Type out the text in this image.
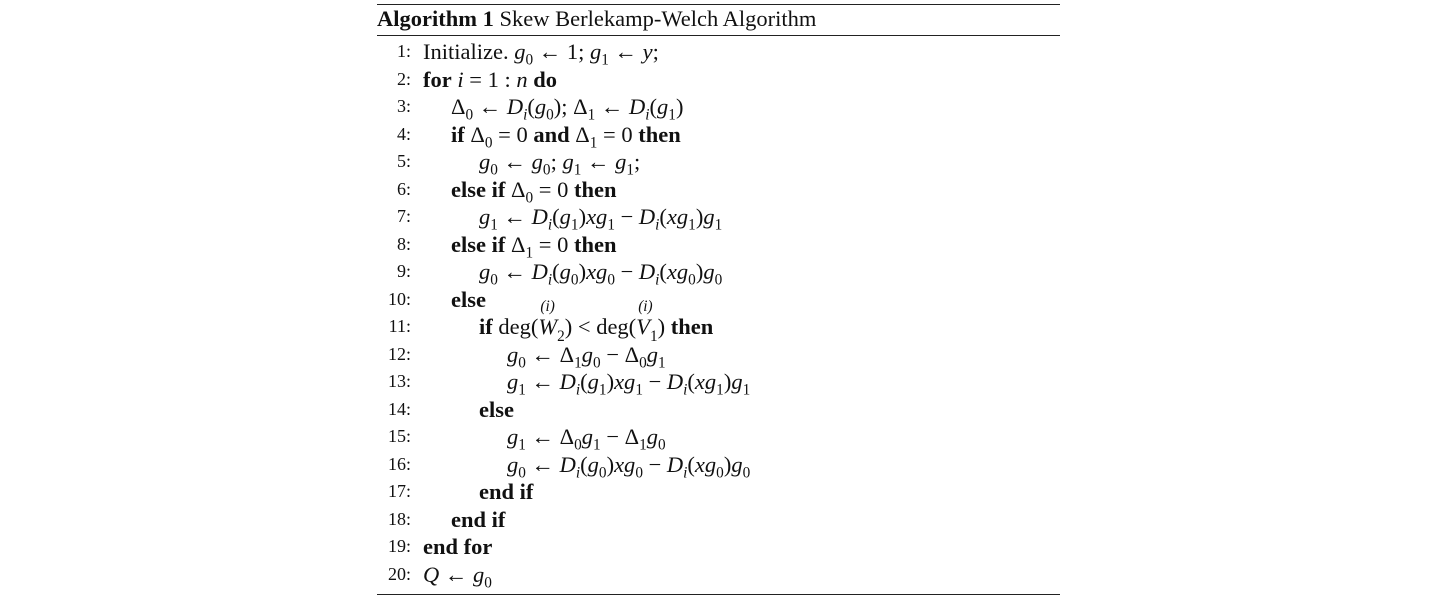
Algorithm 1 Skew Berlekamp-Welch Algorithm
1: Initialize. $g_0$ ← 1; $g_1$ ← y;
2: for i = 1 : n do
3: $\Delta_0$ ← $D_i(g_0)$; $\Delta_1$ ← $D_i(g_1)$
4: if $\Delta_0 = 0$ and $\Delta_1 = 0$ then
5:	$g_0$ ← $g_0$; $g_1$ ← $g_1$;
6: else if $\Delta_0 = 0$ then
7:	$g_1$ ← $D_i(g_1)xg_1 - D_i(xg_1)g_1$
8: else if $\Delta_1 = 0$ then
9:	$g_0$ ← $D_i(g_0)xg_0 - D_i(xg_0)g_0$
10: else
11:	if deg(W
(i)
$_2$) < deg(V
(i)
$_1$) then
12:	$g_0$ ← $\Delta_1g_0 - \Delta_0g_1$
13:	$g_1$ ← $D_i(g_1)xg_1 - D_i(xg_1)g_1$
14:	else
15:	$g_1$ ← $\Delta_0g_1 - \Delta_1g_0$
16:	$g_0$ ← $D_i(g_0)xg_0 - D_i(xg_0)g_0$
17:	end if
18: end if
19: end for
20: Q ← $g_0$
